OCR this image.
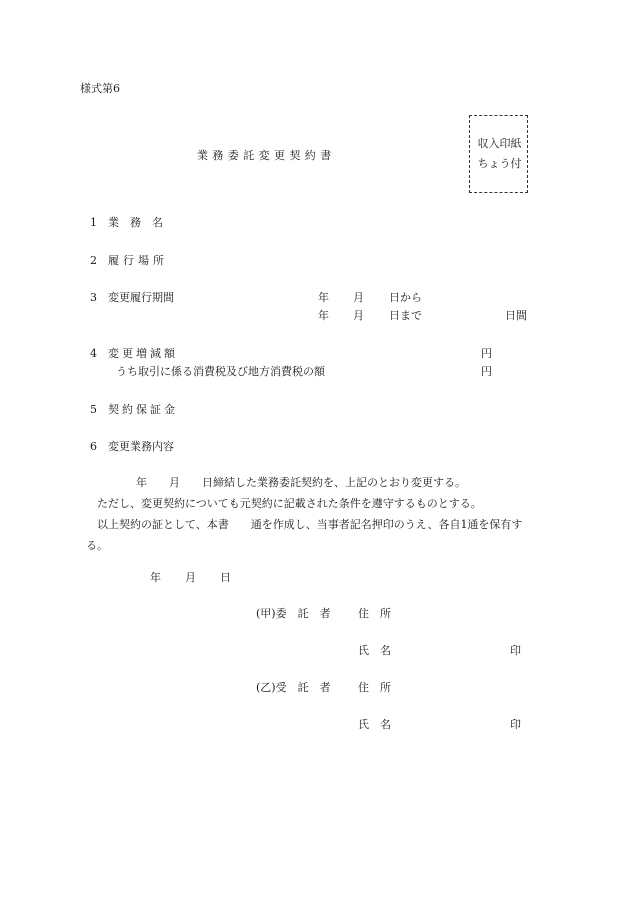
様式第6
業務委託変更契約書
収入印紙
ちょう付
1 業　務　名
2 履行場所
3 変更履行期間	年 月 日から
年 月 日まで	日間
4 変更増減額	円
うち取引に係る消費税及び地方消費税の額	円
5 契約保証金
6 変更業務内容

年　　月　　日締結した業務委託契約を、上記のとおり変更する。

ただし、変更契約についても元契約に記載された条件を遵守するものとする。

以上契約の証として、本書　　通を作成し、当事者記名押印のうえ、各自1通を保有する。

年 月 日
(甲)委　託　者 住　所
氏　名	印
(乙)受　託　者 住　所
氏　名	印
